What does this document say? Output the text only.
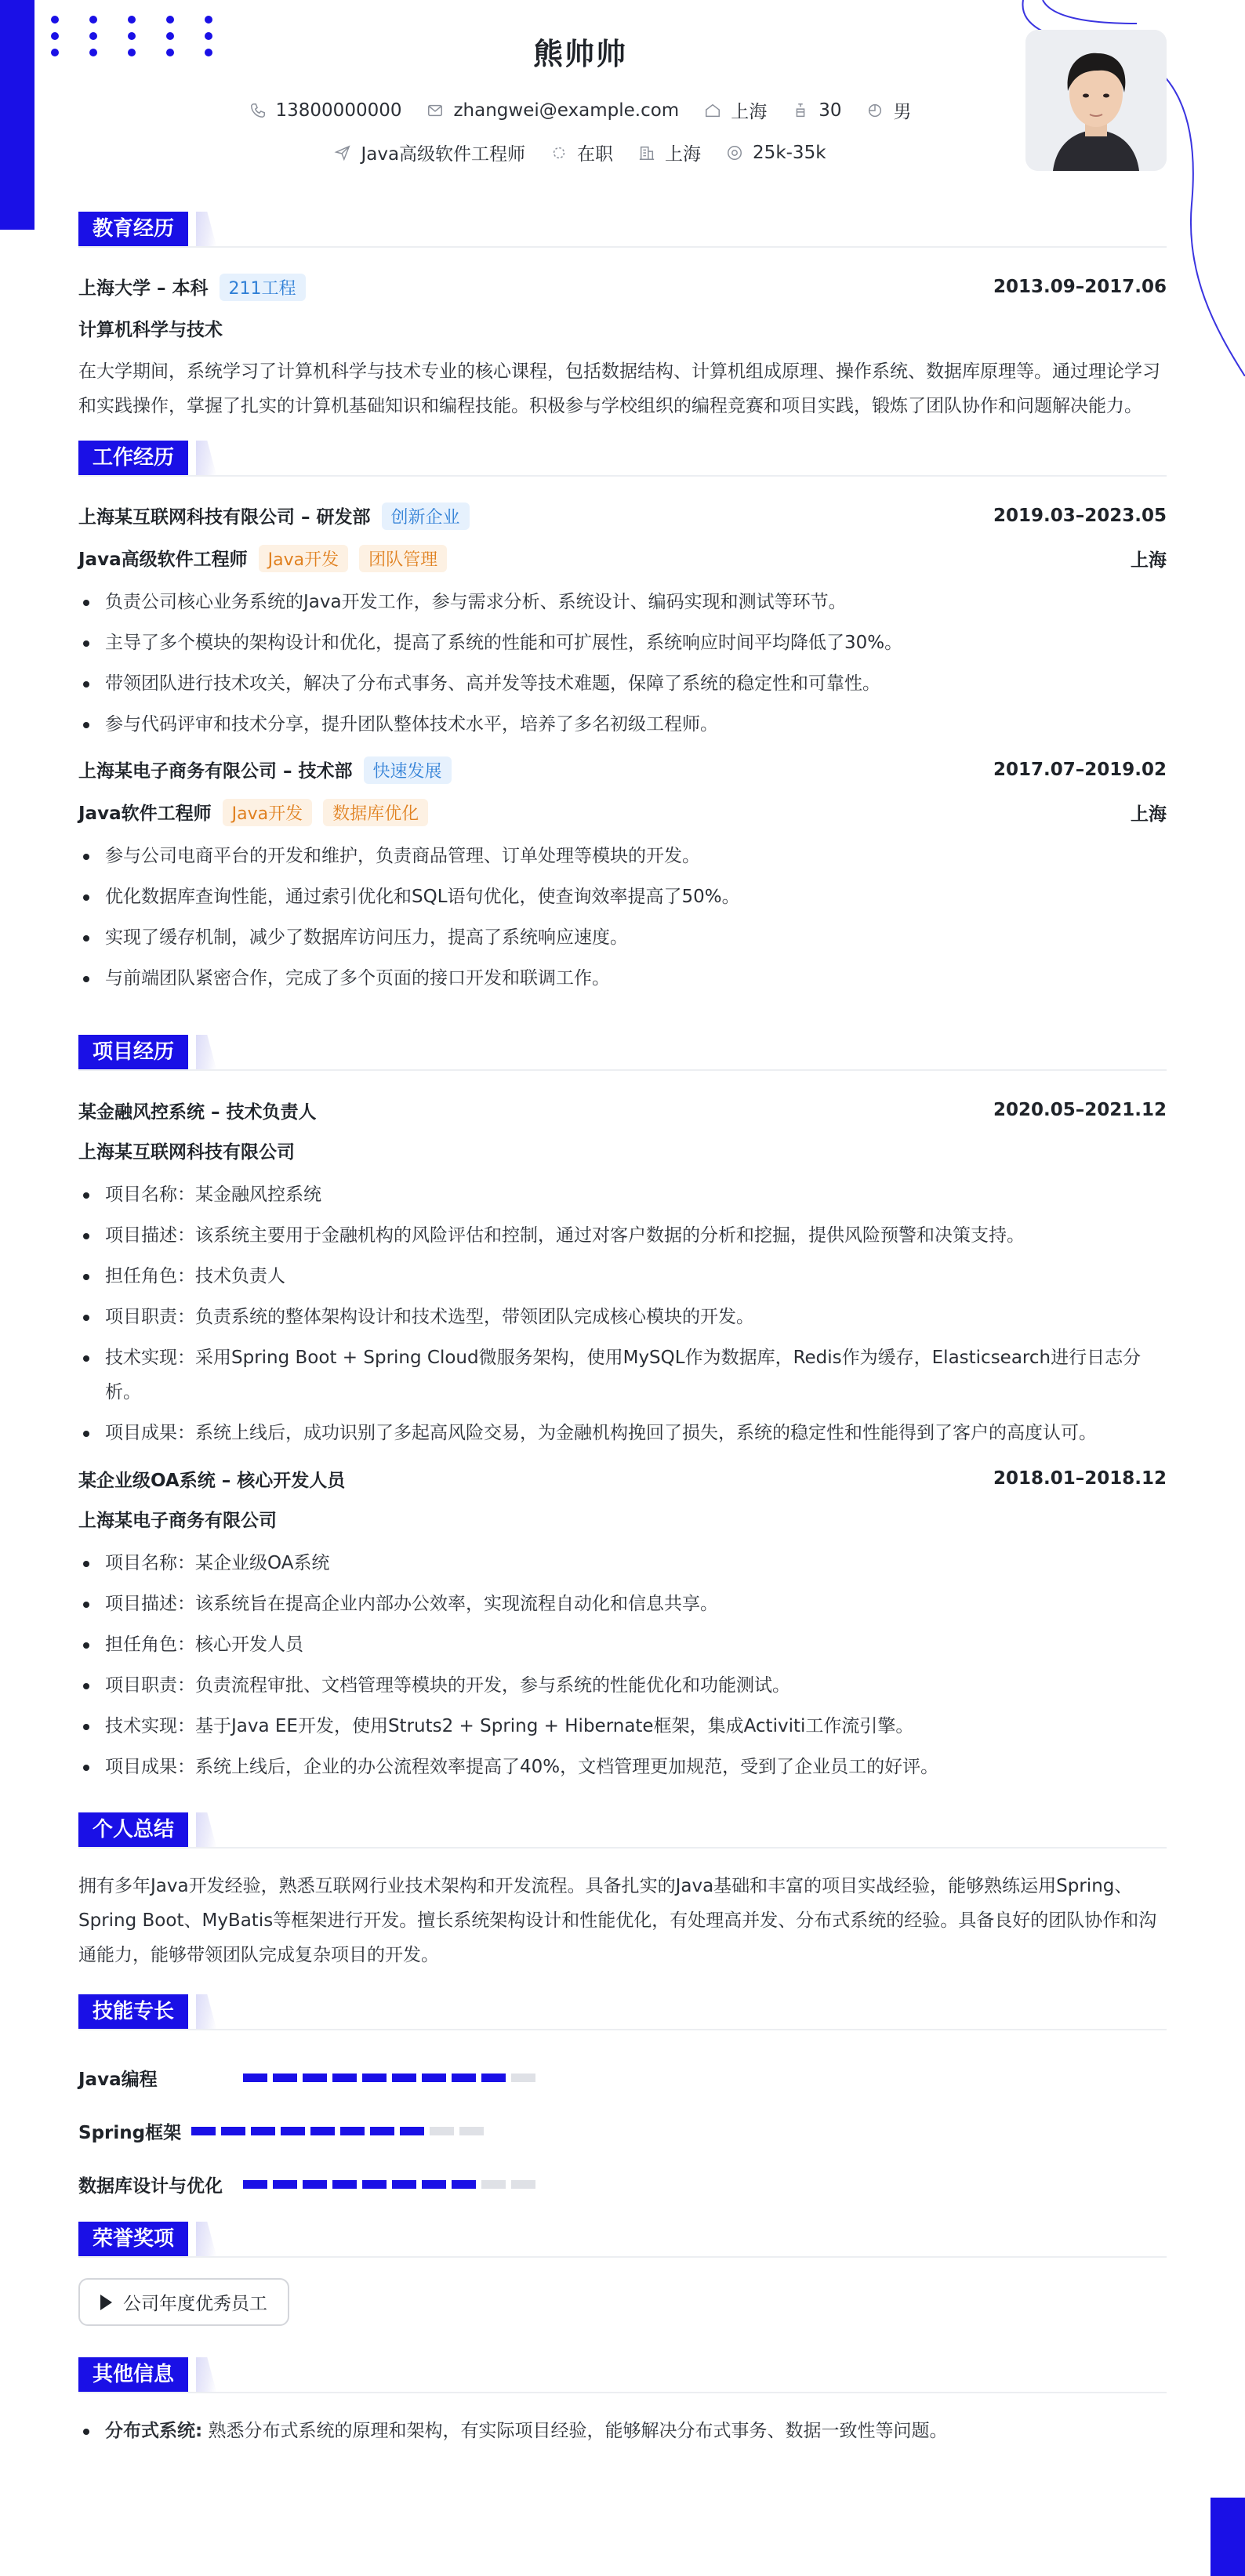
熊帅帅
13800000000	zhangwei@example.com	上海	30	男
Java高级软件工程师	在职	上海	25k-35k
教育经历
上海大学 – 本科 211工程	2013.09–2017.06
计算机科学与技术
在大学期间，系统学习了计算机科学与技术专业的核心课程，包括数据结构、计算机组成原理、操作系统、数据库原理等。通过理论学习和实践操作，掌握了扎实的计算机基础知识和编程技能。积极参与学校组织的编程竞赛和项目实践，锻炼了团队协作和问题解决能力。
工作经历
上海某互联网科技有限公司 – 研发部 创新企业	2019.03–2023.05
Java高级软件工程师 Java开发 团队管理	上海
负责公司核心业务系统的Java开发工作，参与需求分析、系统设计、编码实现和测试等环节。
主导了多个模块的架构设计和优化，提高了系统的性能和可扩展性，系统响应时间平均降低了30%。
带领团队进行技术攻关，解决了分布式事务、高并发等技术难题，保障了系统的稳定性和可靠性。
参与代码评审和技术分享，提升团队整体技术水平，培养了多名初级工程师。
上海某电子商务有限公司 – 技术部 快速发展	2017.07–2019.02
Java软件工程师 Java开发 数据库优化	上海
参与公司电商平台的开发和维护，负责商品管理、订单处理等模块的开发。
优化数据库查询性能，通过索引优化和SQL语句优化，使查询效率提高了50%。
实现了缓存机制，减少了数据库访问压力，提高了系统响应速度。
与前端团队紧密合作，完成了多个页面的接口开发和联调工作。
项目经历
某金融风控系统 – 技术负责人	2020.05–2021.12
上海某互联网科技有限公司
项目名称：某金融风控系统
项目描述：该系统主要用于金融机构的风险评估和控制，通过对客户数据的分析和挖掘，提供风险预警和决策支持。
担任角色：技术负责人
项目职责：负责系统的整体架构设计和技术选型，带领团队完成核心模块的开发。
技术实现：采用Spring Boot + Spring Cloud微服务架构，使用MySQL作为数据库，Redis作为缓存，Elasticsearch进行日志分析。
项目成果：系统上线后，成功识别了多起高风险交易，为金融机构挽回了损失，系统的稳定性和性能得到了客户的高度认可。
某企业级OA系统 – 核心开发人员	2018.01–2018.12
上海某电子商务有限公司
项目名称：某企业级OA系统
项目描述：该系统旨在提高企业内部办公效率，实现流程自动化和信息共享。
担任角色：核心开发人员
项目职责：负责流程审批、文档管理等模块的开发，参与系统的性能优化和功能测试。
技术实现：基于Java EE开发，使用Struts2 + Spring + Hibernate框架，集成Activiti工作流引擎。
项目成果：系统上线后，企业的办公流程效率提高了40%，文档管理更加规范，受到了企业员工的好评。
个人总结
拥有多年Java开发经验，熟悉互联网行业技术架构和开发流程。具备扎实的Java基础和丰富的项目实战经验，能够熟练运用Spring、Spring Boot、MyBatis等框架进行开发。擅长系统架构设计和性能优化，有处理高并发、分布式系统的经验。具备良好的团队协作和沟通能力，能够带领团队完成复杂项目的开发。
技能专长
Java编程
Spring框架
数据库设计与优化
荣誉奖项
公司年度优秀员工
其他信息
分布式系统: 熟悉分布式系统的原理和架构，有实际项目经验，能够解决分布式事务、数据一致性等问题。
